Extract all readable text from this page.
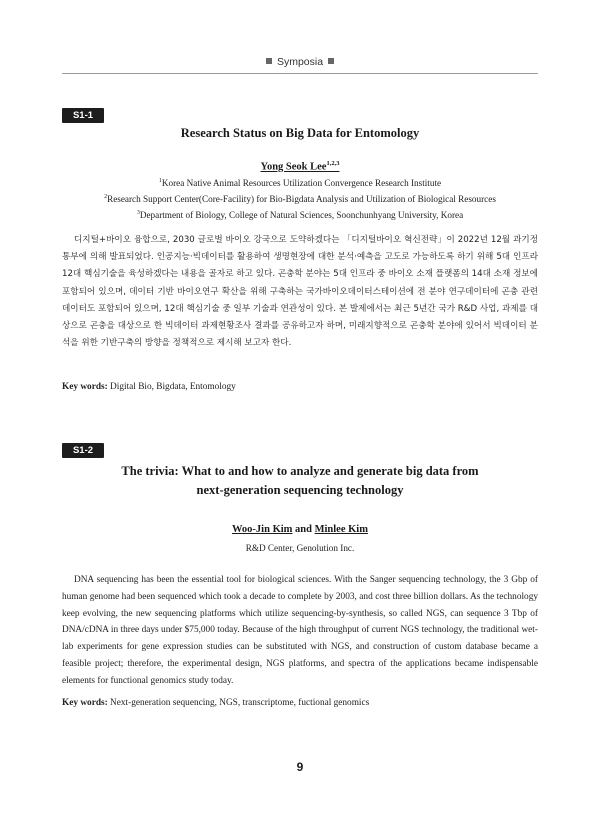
Symposia
S1-1
Research Status on Big Data for Entomology
Yong Seok Lee$^{1,2,3}$
$^1$Korea Native Animal Resources Utilization Convergence Research Institute
$^2$Research Support Center(Core-Facility) for Bio-Bigdata Analysis and Utilization of Biological Resources
$^3$Department of Biology, College of Natural Sciences, Soonchunhyang University, Korea

디지털+바이오 융합으로, 2030 글로벌 바이오 강국으로 도약하겠다는 「디지털바이오 혁신전략」이 2022년 12월 과기정통부에 의해 발표되었다. 인공지능·빅데이터를 활용하여 생명현장에 대한 분석·예측을 고도로 가능하도록 하기 위해 5대 인프라 12대 핵심기술을 육성하겠다는 내용을 골자로 하고 있다. 곤충학 분야는 5대 인프라 중 바이오 소재 플랫폼의 14대 소재 정보에 포함되어 있으며, 데이터 기반 바이오연구 확산을 위해 구축하는 국가바이오데이터스테이션에 전 분야 연구데이터에 곤충 관련 데이터도 포함되어 있으며, 12대 핵심기술 중 일부 기술과 연관성이 있다. 본 발제에서는 최근 5년간 국가 R&D 사업, 과제를 대상으로 곤충을 대상으로 한 빅데이터 과제현황조사 결과를 공유하고자 하며, 미래지향적으로 곤충학 분야에 있어서 빅데이터 분석을 위한 기반구축의 방향을 정책적으로 제시해 보고자 한다.

Key words: Digital Bio, Bigdata, Entomology
S1-2
The trivia: What to and how to analyze and generate big data from
next-generation sequencing technology
Woo-Jin Kim and Minlee Kim
R&D Center, Genolution Inc.

DNA sequencing has been the essential tool for biological sciences. With the Sanger sequencing technology, the 3 Gbp of human genome had been sequenced which took a decade to complete by 2003, and cost three billion dollars. As the technology keep evolving, the new sequencing platforms which utilize sequencing-by-synthesis, so called NGS, can sequence 3 Tbp of DNA/cDNA in three days under $75,000 today. Because of the high throughput of current NGS technology, the traditional wet-lab experiments for gene expression studies can be substituted with NGS, and construction of custom database became a feasible project; therefore, the experimental design, NGS platforms, and spectra of the applications became indispensable elements for functional genomics study today.

Key words: Next-generation sequencing, NGS, transcriptome, fuctional genomics
9
